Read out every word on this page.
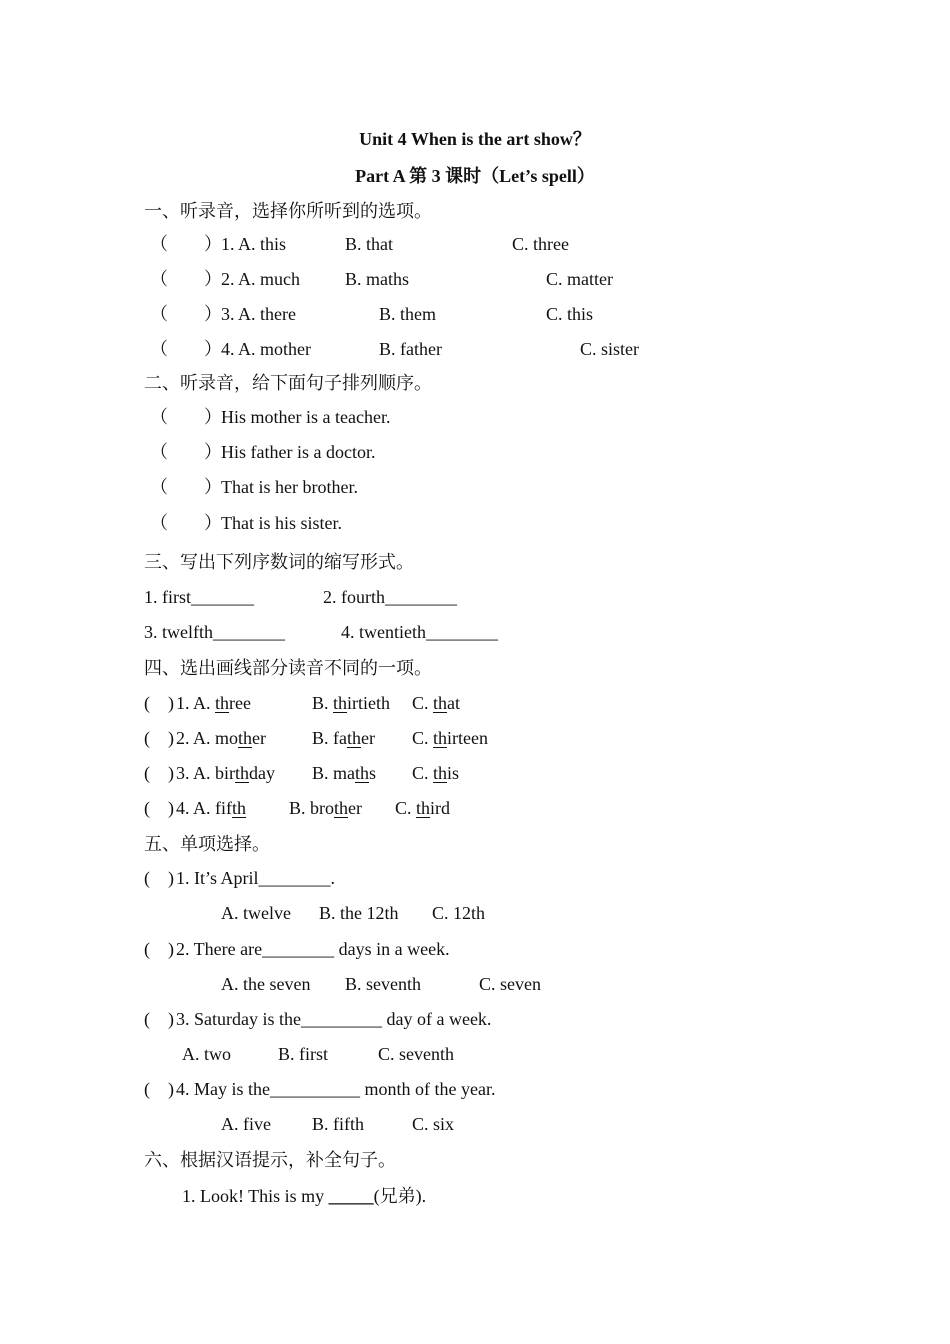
Unit 4 When is the art show？
Part A 第 3 课时（Let’s spell）
一、听录音，选择你所听到的选项。
（　　） 1. A. this	B. that	C. three
（　　） 2. A. much	B. maths	C. matter
（　　） 3. A. there	B. them	C. this
（　　） 4. A. mother	B. father	C. sister
二、听录音，给下面句子排列顺序。
（　　） His mother is a teacher.
（　　） His father is a doctor.
（　　） That is her brother.
（　　） That is his sister.
三、写出下列序数词的缩写形式。
1. first_______	2. fourth________
3. twelfth________	4. twentieth________
四、选出画线部分读音不同的一项。
(　) 1. A. three	B. thirtieth C. that
(　) 2. A. mother	B. father C. thirteen
(　) 3. A. birthday B. maths C. this
(　) 4. A. fifth B. brother C. third
五、单项选择。
(　) 1. It’s April________.
A. twelve B. the 12th C. 12th
(　) 2. There are________ days in a week.
A. the seven B. seventh	C. seven
(　) 3. Saturday is the_________ day of a week.
A. two	B. first	C. seventh
(　) 4. May is the__________ month of the year.
A. five B. fifth	C. six
六、根据汉语提示，补全句子。
1. Look! This is my _____(兄弟).
